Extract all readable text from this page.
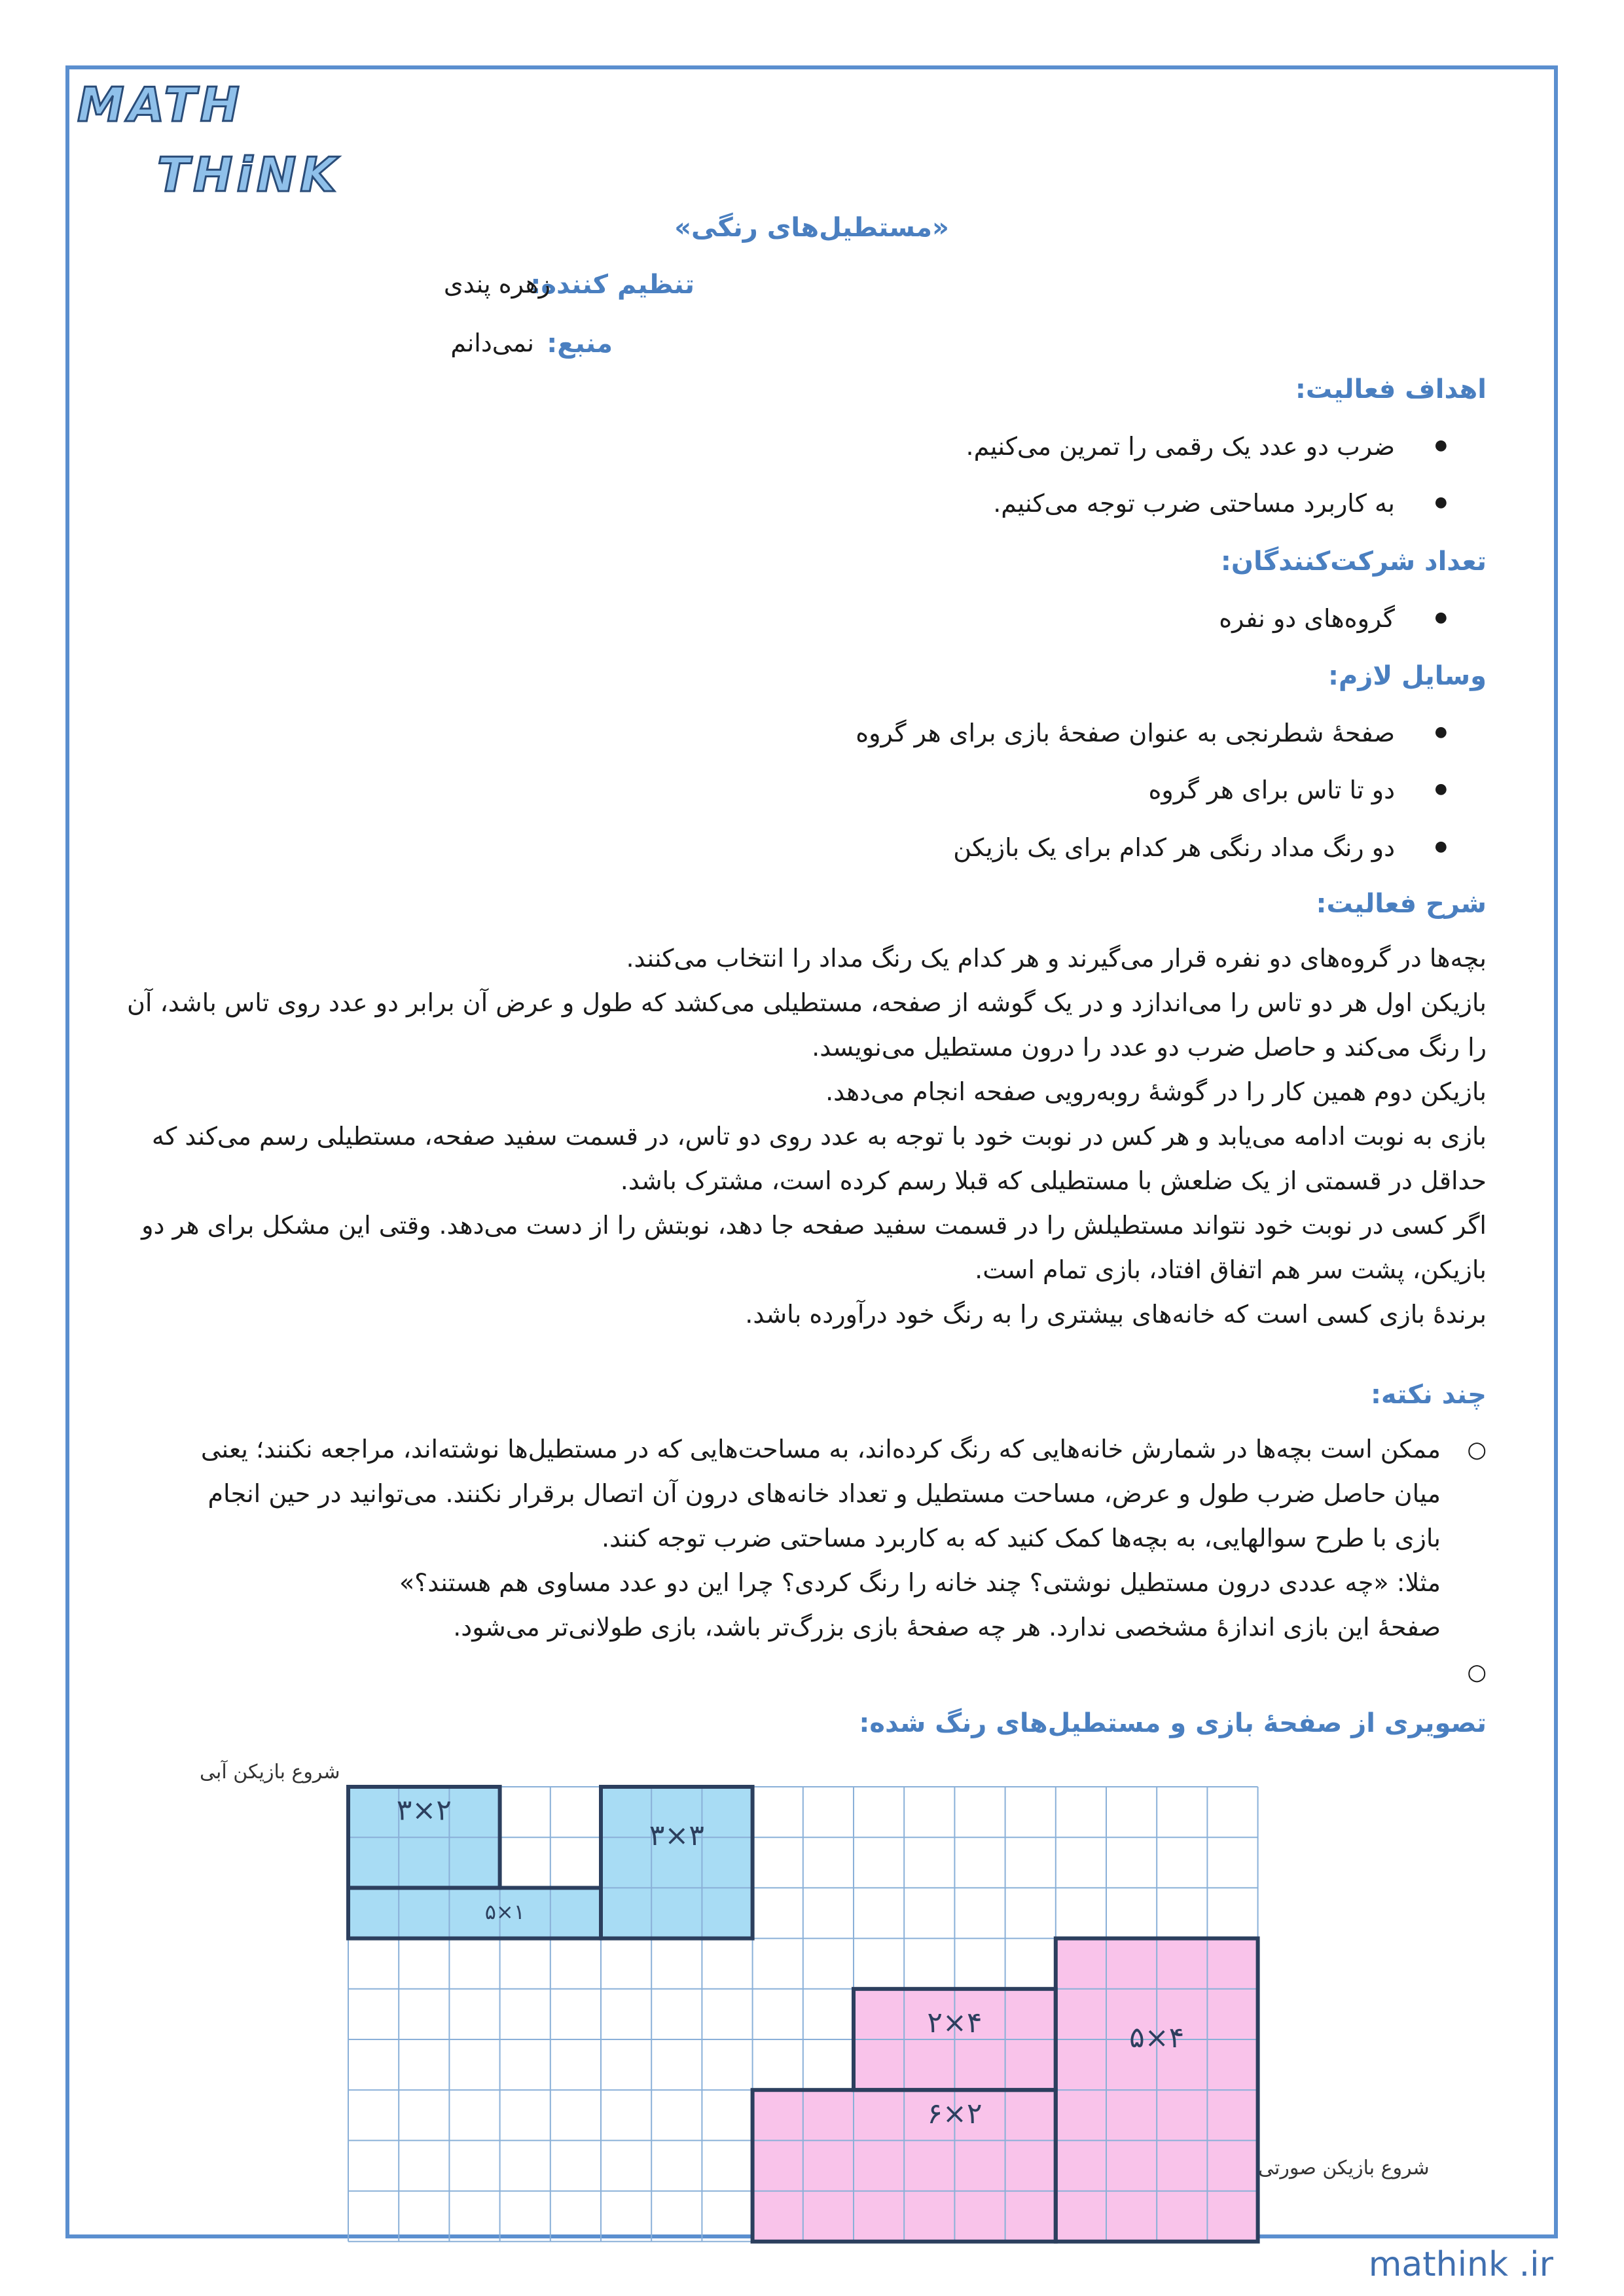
MATH
THiNK
«مستطیل‌های رنگی»
تنظیم کننده:
زهره پندی
منبع:
نمی‌دانم
اهداف فعالیت:
● ضرب دو عدد یک رقمی را تمرین می‌کنیم.
● به کاربرد مساحتی ضرب توجه می‌کنیم.
تعداد شرکت‌کنندگان:
● گروه‌های دو نفره
وسایل لازم:
● صفحهٔ شطرنجی به عنوان صفحهٔ بازی برای هر گروه
● دو تا تاس برای هر گروه
● دو رنگ مداد رنگی هر کدام برای یک بازیکن
شرح فعالیت:

بچه‌ها در گروه‌های دو نفره قرار می‌گیرند و هر کدام یک رنگ مداد را انتخاب می‌کنند.

بازیکن اول هر دو تاس را می‌اندازد و در یک گوشه از صفحه، مستطیلی می‌کشد که طول و عرض آن برابر دو عدد روی تاس باشد، آن را رنگ می‌کند و حاصل ضرب دو عدد را درون مستطیل می‌نویسد.

بازیکن دوم همین کار را در گوشهٔ روبه‌رویی صفحه انجام می‌دهد.

بازی به نوبت ادامه می‌یابد و هر کس در نوبت خود با توجه به عدد روی دو تاس، در قسمت سفید صفحه، مستطیلی رسم می‌کند که حداقل در قسمتی از یک ضلعش با مستطیلی که قبلا رسم کرده است، مشترک باشد.

اگر کسی در نوبت خود نتواند مستطیلش را در قسمت سفید صفحه جا دهد، نوبتش را از دست می‌دهد. وقتی این مشکل برای هر دو بازیکن، پشت سر هم اتفاق افتاد، بازی تمام است.

برندهٔ بازی کسی است که خانه‌های بیشتری را به رنگ خود درآورده باشد.

چند نکته:
○

ممکن است بچه‌ها در شمارش خانه‌هایی که رنگ کرده‌اند، به مساحت‌هایی که در مستطیل‌ها نوشته‌اند، مراجعه نکنند؛ یعنی میان حاصل ضرب طول و عرض، مساحت مستطیل و تعداد خانه‌های درون آن اتصال برقرار نکنند. می‌توانید در حین انجام بازی با طرح سوالهایی، به بچه‌ها کمک کنید که به کاربرد مساحتی ضرب توجه کنند.

مثلا: «چه عددی درون مستطیل نوشتی؟ چند خانه را رنگ کردی؟ چرا این دو عدد مساوی هم هستند؟»

صفحهٔ این بازی اندازهٔ مشخصی ندارد. هر چه صفحهٔ بازی بزرگ‌تر باشد، بازی طولانی‌تر می‌شود.

○
تصویری از صفحهٔ بازی و مستطیل‌های رنگ شده:
شروع بازیکن آبی
شروع بازیکن صورتی
۳×۲
۳×۳
۵×۱
۵×۴
۲×۴
۶×۲
mathink .ir
